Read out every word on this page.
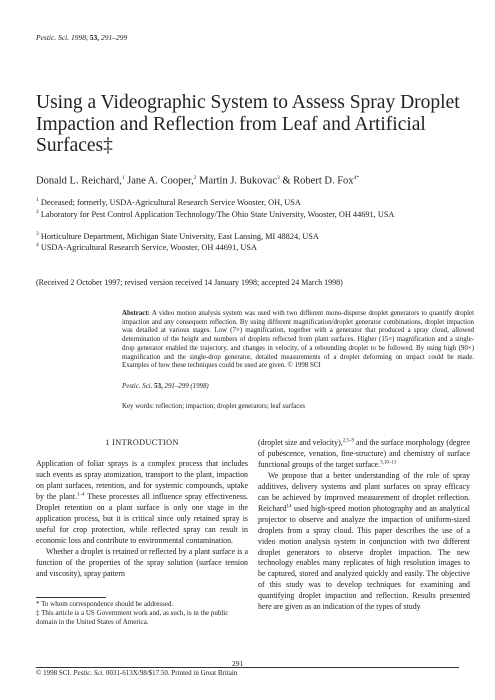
Pestic. Sci. 1998, 53, 291–299
Using a Videographic System to Assess Spray Droplet Impaction and Reflection from Leaf and Artificial Surfaces‡
Donald L. Reichard,$^1$ Jane A. Cooper,$^2$ Martin J. Bukovac$^3$ & Robert D. Fox$^{4*}$
$^1$ Deceased; formerly, USDA-Agricultural Research Service Wooster, OH, USA
$^2$ Laboratory for Pest Control Application Technology/The Ohio State University, Wooster, OH 44691, USA
$^3$ Horticulture Department, Michigan State University, East Lansing, MI 48824, USA
$^4$ USDA-Agricultural Research Service, Wooster, OH 44691, USA
(Received 2 October 1997; revised version received 14 January 1998; accepted 24 March 1998)
Abstract: A video motion analysis system was used with two different mono-disperse droplet generators to quantify droplet impaction and any consequent reflection. By using different magnification/droplet generator combinations, droplet impaction was detailed at various stages. Low (7×) magnification, together with a generator that produced a spray cloud, allowed determination of the height and numbers of droplets reflected from plant surfaces. Higher (15×) magnification and a single-drop generator enabled the trajectory, and changes in velocity, of a rebounding droplet to be followed. By using high (90×) magnification and the single-drop generator, detailed measurements of a droplet deforming on impact could be made. Examples of how these techniques could be used are given. © 1998 SCI
Pestic. Sci. 53, 291–299 (1998)
Key words: reflection; impaction; droplet generators; leaf surfaces
1 INTRODUCTION

Application of foliar sprays is a complex process that includes such events as spray atomization, transport to the plant, impaction on plant surfaces, retention, and for systemic compounds, uptake by the plant.$^{1-4}$ These processes all influence spray effectiveness. Droplet retention on a plant surface is only one stage in the application process, but it is critical since only retained spray is useful for crop protection, while reflected spray can result in economic loss and contribute to environmental contamination.

Whether a droplet is retained or reflected by a plant surface is a function of the properties of the spray solution (surface tension and viscosity), spray pattern

(droplet size and velocity),$^{2,5-9}$ and the surface morphology (degree of pubescence, venation, fine-structure) and chemistry of surface functional groups of the target surface.$^{3,10-13}$

We propose that a better understanding of the role of spray additives, delivery systems and plant surfaces on spray efficacy can be achieved by improved measurement of droplet reflection. Reichard$^{14}$ used high-speed motion photography and an analytical projector to observe and analyze the impaction of uniform-sized droplets from a spray cloud. This paper describes the use of a video motion analysis system in conjunction with two different droplet generators to observe droplet impaction. The new technology enables many replicates of high resolution images to be captured, stored and analyzed quickly and easily. The objective of this study was to develop techniques for examining and quantifying droplet impaction and reflection. Results presented here are given as an indication of the types of study

* To whom correspondence should be addressed.
‡ This article is a US Government work and, as such, is in the public domain in the United States of America.
291
© 1998 SCI. Pestic. Sci. 0031-613X/98/$17.50. Printed in Great Britain
